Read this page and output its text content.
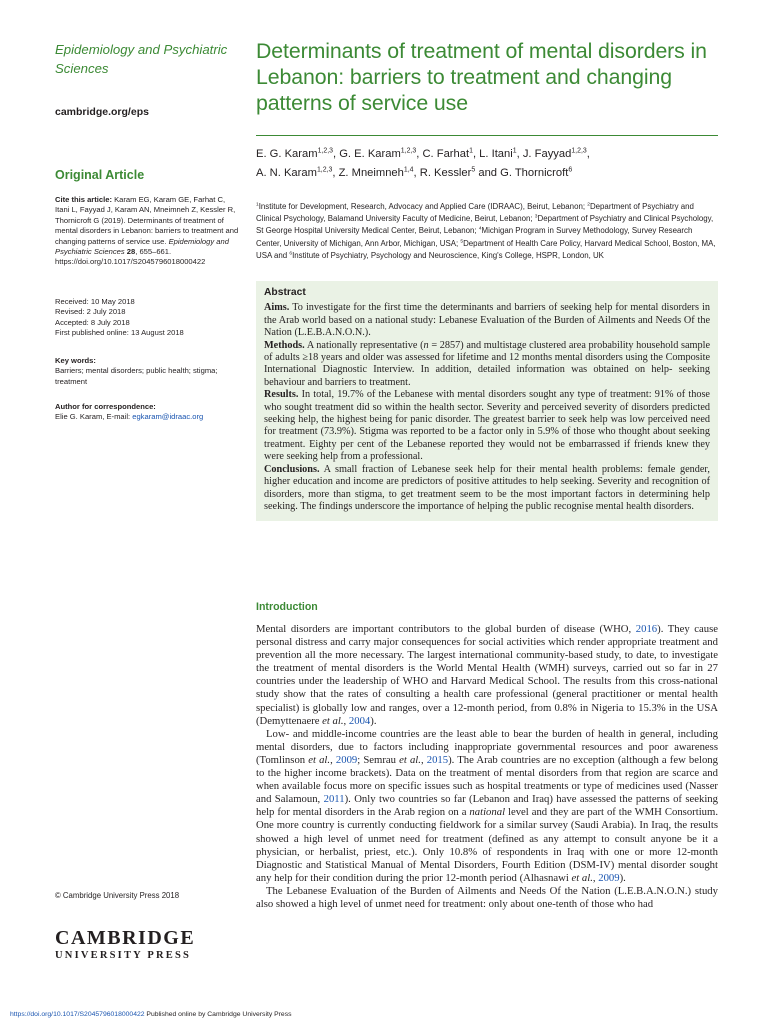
Epidemiology and Psychiatric Sciences
cambridge.org/eps
Original Article

Cite this article: Karam EG, Karam GE, Farhat C, Itani L, Fayyad J, Karam AN, Mneimneh Z, Kessler R, Thornicroft G (2019). Determinants of treatment of mental disorders in Lebanon: barriers to treatment and changing patterns of service use. Epidemiology and Psychiatric Sciences 28, 655–661. https://doi.org/10.1017/S2045796018000422

Received: 10 May 2018

Revised: 2 July 2018

Accepted: 8 July 2018

First published online: 13 August 2018

Key words:

Barriers; mental disorders; public health; stigma; treatment

Author for correspondence:

Elie G. Karam, E-mail: egkaram@idraac.org

© Cambridge University Press 2018
CAMBRIDGE
UNIVERSITY PRESS
Determinants of treatment of mental disorders in Lebanon: barriers to treatment and changing patterns of service use
E. G. Karam$^{1,2,3}$, G. E. Karam$^{1,2,3}$, C. Farhat$^1$, L. Itani$^1$, J. Fayyad$^{1,2,3}$,
A. N. Karam$^{1,2,3}$, Z. Mneimneh$^{1,4}$, R. Kessler$^5$ and G. Thornicroft$^6$
$^1$Institute for Development, Research, Advocacy and Applied Care (IDRAAC), Beirut, Lebanon; $^2$Department of Psychiatry and Clinical Psychology, Balamand University Faculty of Medicine, Beirut, Lebanon; $^3$Department of Psychiatry and Clinical Psychology, St George Hospital University Medical Center, Beirut, Lebanon; $^4$Michigan Program in Survey Methodology, Survey Research Center, University of Michigan, Ann Arbor, Michigan, USA; $^5$Department of Health Care Policy, Harvard Medical School, Boston, MA, USA and $^6$Institute of Psychiatry, Psychology and Neuroscience, King's College, HSPR, London, UK
Abstract

Aims. To investigate for the first time the determinants and barriers of seeking help for mental disorders in the Arab world based on a national study: Lebanese Evaluation of the Burden of Ailments and Needs Of the Nation (L.E.B.A.N.O.N.).

Methods. A nationally representative (n = 2857) and multistage clustered area probability household sample of adults ≥18 years and older was assessed for lifetime and 12 months mental disorders using the Composite International Diagnostic Interview. In addition, detailed information was obtained on help- seeking behaviour and barriers to treatment.

Results. In total, 19.7% of the Lebanese with mental disorders sought any type of treatment: 91% of those who sought treatment did so within the health sector. Severity and perceived severity of disorders predicted seeking help, the highest being for panic disorder. The greatest barrier to seek help was low perceived need for treatment (73.9%). Stigma was reported to be a factor only in 5.9% of those who thought about seeking treatment. Eighty per cent of the Lebanese reported they would not be embarrassed if friends knew they were seeking help from a professional.

Conclusions. A small fraction of Lebanese seek help for their mental health problems: female gender, higher education and income are predictors of positive attitudes to help seeking. Severity and recognition of disorders, more than stigma, to get treatment seem to be the most important factors in determining help seeking. The findings underscore the importance of helping the public recognise mental health disorders.

Introduction

Mental disorders are important contributors to the global burden of disease (WHO, 2016). They cause personal distress and carry major consequences for social activities which render appropriate treatment and prevention all the more necessary. The largest international community-based study, to date, to investigate the treatment of mental disorders is the World Mental Health (WMH) surveys, carried out so far in 27 countries under the leadership of WHO and Harvard Medical School. The results from this cross-national study show that the rates of consulting a health care professional (general practitioner or mental health specialist) is globally low and ranges, over a 12-month period, from 0.8% in Nigeria to 15.3% in the USA (Demyttenaere et al., 2004).

Low- and middle-income countries are the least able to bear the burden of health in general, including mental disorders, due to factors including inappropriate governmental resources and poor awareness (Tomlinson et al., 2009; Semrau et al., 2015). The Arab countries are no exception (although a few belong to the higher income brackets). Data on the treatment of mental disorders from that region are scarce and when available focus more on specific issues such as hospital treatments or type of medicines used (Nasser and Salamoun, 2011). Only two countries so far (Lebanon and Iraq) have assessed the patterns of seeking help for mental disorders in the Arab region on a national level and they are part of the WMH Consortium. One more country is currently conducting fieldwork for a similar survey (Saudi Arabia). In Iraq, the results showed a high level of unmet need for treatment (defined as any attempt to consult anyone be it a physician, or herbalist, priest, etc.). Only 10.8% of respondents in Iraq with one or more 12-month Diagnostic and Statistical Manual of Mental Disorders, Fourth Edition (DSM-IV) mental disorder sought any help for their condition during the prior 12-month period (Alhasnawi et al., 2009).

The Lebanese Evaluation of the Burden of Ailments and Needs Of the Nation (L.E.B.A.N.O.N.) study also showed a high level of unmet need for treatment: only about one-tenth of those who had

https://doi.org/10.1017/S2045796018000422 Published online by Cambridge University Press
